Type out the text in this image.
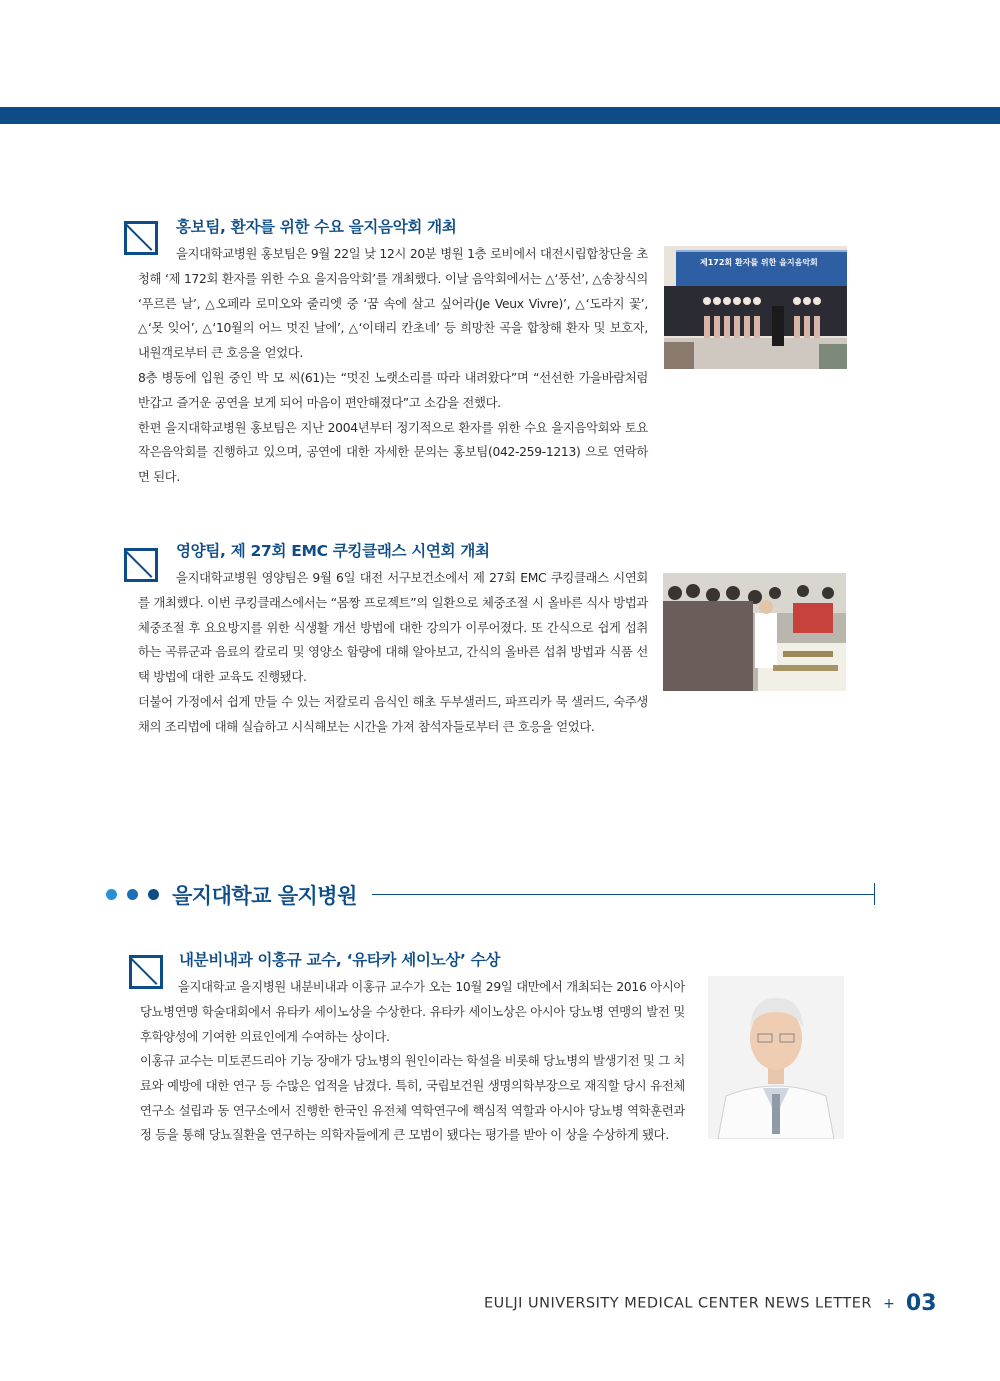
홍보팀, 환자를 위한 수요 을지음악회 개최

을지대학교병원 홍보팀은 9월 22일 낮 12시 20분 병원 1층 로비에서 대전시립합창단을 초청해 ‘제 172회 환자를 위한 수요 을지음악회’를 개최했다. 이날 음악회에서는 △‘풍선’, △송창식의 ‘푸르른 날’, △오페라 로미오와 줄리엣 중 ‘꿈 속에 살고 싶어라(Je Veux Vivre)’, △‘도라지 꽃’, △‘못 잊어’, △‘10월의 어느 멋진 날에’, △‘이태리 칸초네’ 등 희망찬 곡을 합창해 환자 및 보호자, 내원객로부터 큰 호응을 얻었다.

8층 병동에 입원 중인 박 모 씨(61)는 “멋진 노랫소리를 따라 내려왔다”며 “선선한 가을바람처럼 반갑고 즐거운 공연을 보게 되어 마음이 편안해졌다”고 소감을 전했다.

한편 을지대학교병원 홍보팀은 지난 2004년부터 정기적으로 환자를 위한 수요 을지음악회와 토요 작은음악회를 진행하고 있으며, 공연에 대한 자세한 문의는 홍보팀(042-259-1213) 으로 연락하면 된다.

제172회 환자를 위한 을지음악회
영양팀, 제 27회 EMC 쿠킹클래스 시연회 개최

을지대학교병원 영양팀은 9월 6일 대전 서구보건소에서 제 27회 EMC 쿠킹클래스 시연회를 개최했다. 이번 쿠킹클래스에서는 “몸짱 프로젝트”의 일환으로 체중조절 시 올바른 식사 방법과 체중조절 후 요요방지를 위한 식생활 개선 방법에 대한 강의가 이루어졌다. 또 간식으로 쉽게 섭취하는 곡류군과 음료의 칼로리 및 영양소 함량에 대해 알아보고, 간식의 올바른 섭취 방법과 식품 선택 방법에 대한 교육도 진행됐다.

더불어 가정에서 쉽게 만들 수 있는 저칼로리 음식인 해초 두부샐러드, 파프리카 묵 샐러드, 숙주생채의 조리법에 대해 실습하고 시식해보는 시간을 가져 참석자들로부터 큰 호응을 얻었다.

을지대학교 을지병원
내분비내과 이홍규 교수, ‘유타카 세이노상’ 수상

을지대학교 을지병원 내분비내과 이홍규 교수가 오는 10월 29일 대만에서 개최되는 2016 아시아 당뇨병연맹 학술대회에서 유타카 세이노상을 수상한다. 유타카 세이노상은 아시아 당뇨병 연맹의 발전 및 후학양성에 기여한 의료인에게 수여하는 상이다.

이홍규 교수는 미토콘드리아 기능 장애가 당뇨병의 원인이라는 학설을 비롯해 당뇨병의 발생기전 및 그 치료와 예방에 대한 연구 등 수많은 업적을 남겼다. 특히, 국립보건원 생명의학부장으로 재직할 당시 유전체연구소 설립과 동 연구소에서 진행한 한국인 유전체 역학연구에 핵심적 역할과 아시아 당뇨병 역학훈련과정 등을 통해 당뇨질환을 연구하는 의학자들에게 큰 모범이 됐다는 평가를 받아 이 상을 수상하게 됐다.

EULJI UNIVERSITY MEDICAL CENTER NEWS LETTER + 03
